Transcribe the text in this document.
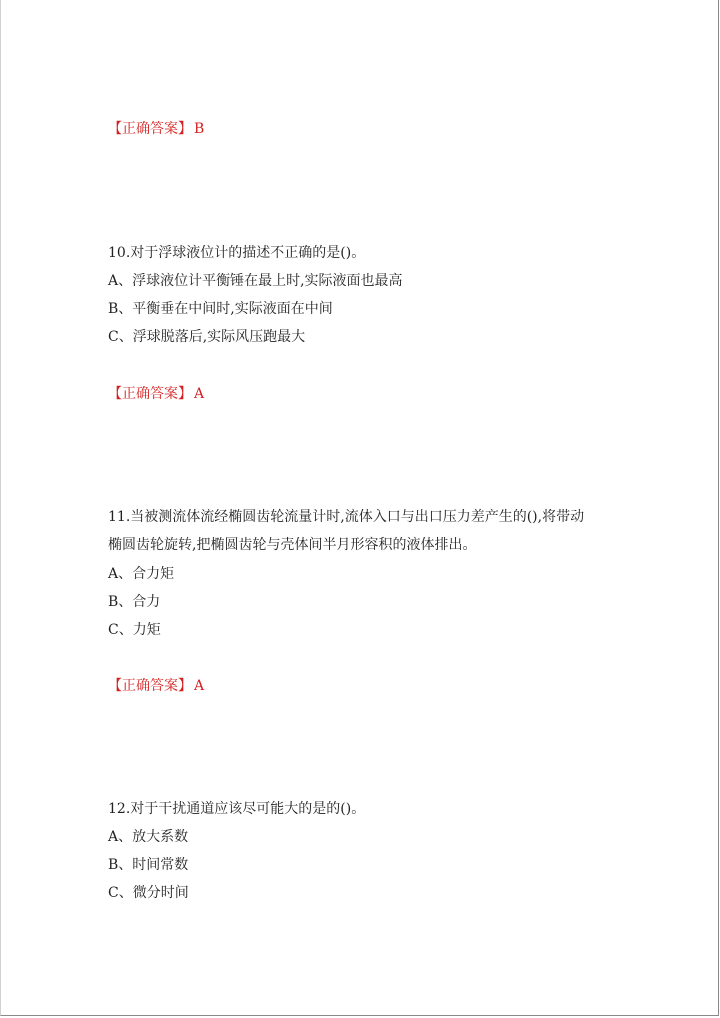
【正确答案】 B
10.对于浮球液位计的描述不正确的是()。
A、浮球液位计平衡锤在最上时,实际液面也最高
B、平衡垂在中间时,实际液面在中间
C、浮球脱落后,实际风压跑最大
【正确答案】 A
11.当被测流体流经椭圆齿轮流量计时,流体入口与出口压力差产生的(),将带动
椭圆齿轮旋转,把椭圆齿轮与壳体间半月形容积的液体排出。
A、合力矩
B、合力
C、力矩
【正确答案】 A
12.对于干扰通道应该尽可能大的是的()。
A、放大系数
B、时间常数
C、微分时间
